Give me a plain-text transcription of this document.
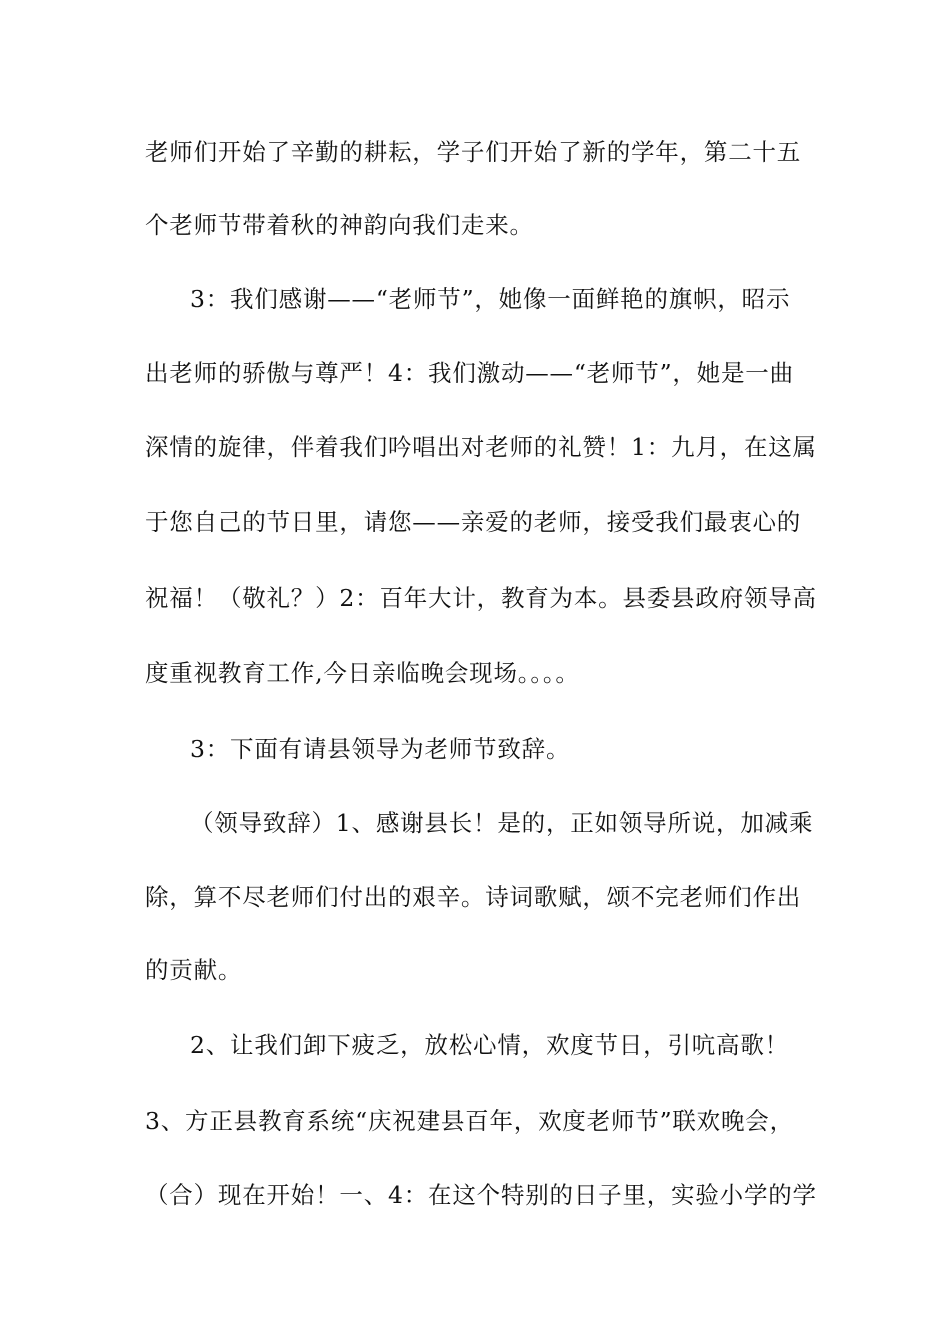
老师们开始了辛勤的耕耘，学子们开始了新的学年，第二十五
个老师节带着秋的神韵向我们走来。
3：我们感谢——“老师节”，她像一面鲜艳的旗帜，昭示
出老师的骄傲与尊严！4：我们激动——“老师节”，她是一曲
深情的旋律，伴着我们吟唱出对老师的礼赞！1：九月，在这属
于您自己的节日里，请您——亲爱的老师，接受我们最衷心的
祝福！（敬礼？）2：百年大计，教育为本。县委县政府领导高
度重视教育工作,今日亲临晚会现场。。。。
3：下面有请县领导为老师节致辞。
（领导致辞）1、感谢县长！是的，正如领导所说，加减乘
除，算不尽老师们付出的艰辛。诗词歌赋，颂不完老师们作出
的贡献。
2、让我们卸下疲乏，放松心情，欢度节日，引吭高歌！
3、方正县教育系统“庆祝建县百年，欢度老师节”联欢晚会，
（合）现在开始！一、4：在这个特别的日子里，实验小学的学
